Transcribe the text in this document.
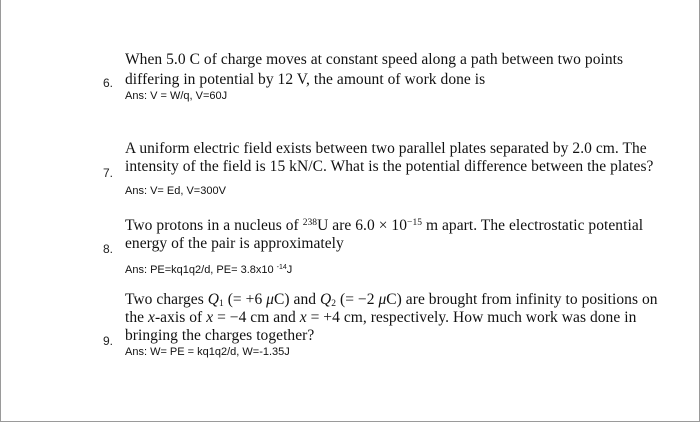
When 5.0 C of charge moves at constant speed along a path between two points
6. differing in potential by 12 V, the amount of work done is
Ans: V = W/q, V=60J
A uniform electric field exists between two parallel plates separated by 2.0 cm. The
7. intensity of the field is 15 kN/C. What is the potential difference between the plates?
Ans: V= Ed, V=300V
Two protons in a nucleus of $^{238}$U are $6.0 \times 10^{-15}$ m apart. The electrostatic potential
8. energy of the pair is approximately
Ans: PE=kq1q2/d, PE= 3.8x10 $^{-14}$J
Two charges $Q_1$ (= +6 μC) and $Q_2$ (= −2 μC) are brought from infinity to positions on
the x-axis of x = −4 cm and x = +4 cm, respectively. How much work was done in
9. bringing the charges together?
Ans: W= PE = kq1q2/d, W=-1.35J
